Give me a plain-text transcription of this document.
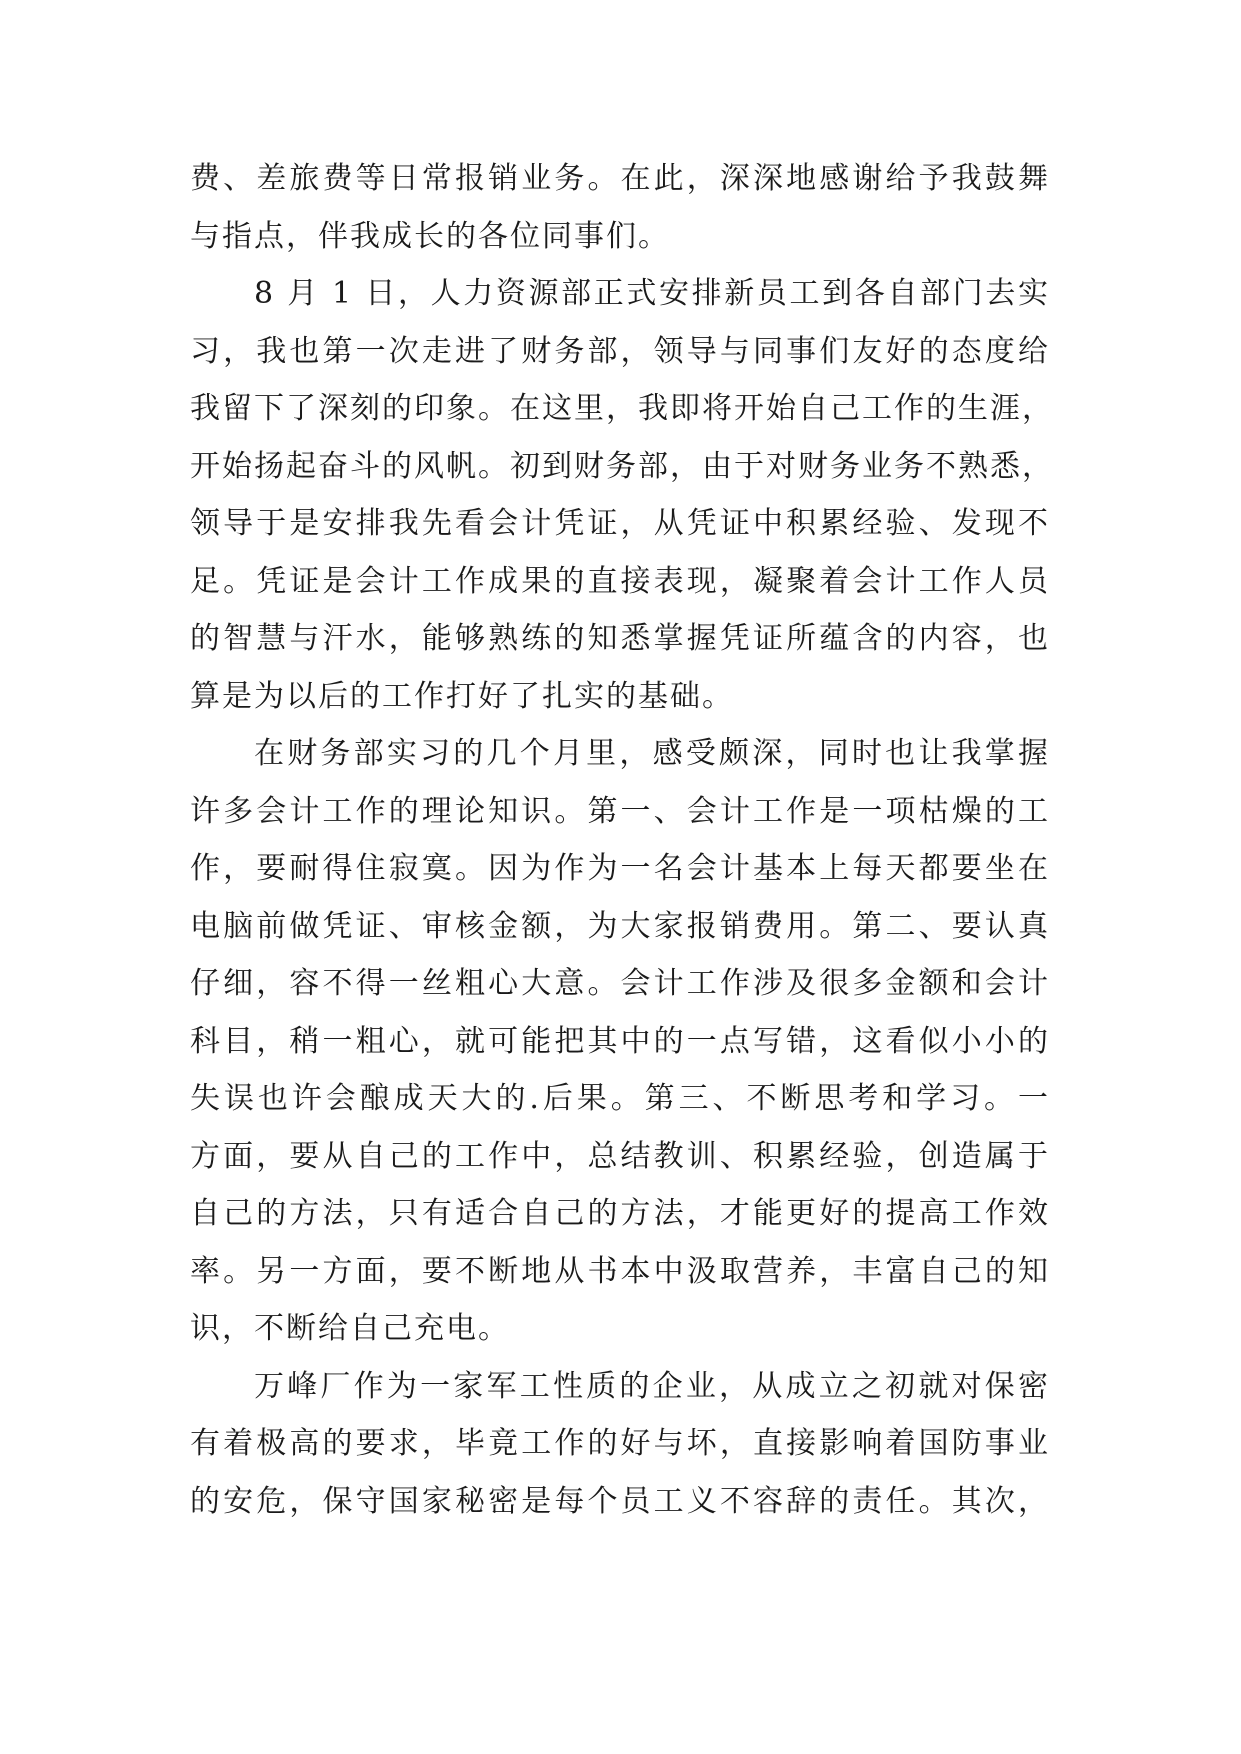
费、差旅费等日常报销业务。在此，深深地感谢给予我鼓舞
与指点，伴我成长的各位同事们。
8 月 1 日，人力资源部正式安排新员工到各自部门去实
习，我也第一次走进了财务部，领导与同事们友好的态度给
我留下了深刻的印象。在这里，我即将开始自己工作的生涯，
开始扬起奋斗的风帆。初到财务部，由于对财务业务不熟悉，
领导于是安排我先看会计凭证，从凭证中积累经验、发现不
足。凭证是会计工作成果的直接表现，凝聚着会计工作人员
的智慧与汗水，能够熟练的知悉掌握凭证所蕴含的内容，也
算是为以后的工作打好了扎实的基础。
在财务部实习的几个月里，感受颇深，同时也让我掌握
许多会计工作的理论知识。第一、会计工作是一项枯燥的工
作，要耐得住寂寞。因为作为一名会计基本上每天都要坐在
电脑前做凭证、审核金额，为大家报销费用。第二、要认真
仔细，容不得一丝粗心大意。会计工作涉及很多金额和会计
科目，稍一粗心，就可能把其中的一点写错，这看似小小的
失误也许会酿成天大的.后果。第三、不断思考和学习。一
方面，要从自己的工作中，总结教训、积累经验，创造属于
自己的方法，只有适合自己的方法，才能更好的提高工作效
率。另一方面，要不断地从书本中汲取营养，丰富自己的知
识，不断给自己充电。
万峰厂作为一家军工性质的企业，从成立之初就对保密
有着极高的要求，毕竟工作的好与坏，直接影响着国防事业
的安危，保守国家秘密是每个员工义不容辞的责任。其次，
